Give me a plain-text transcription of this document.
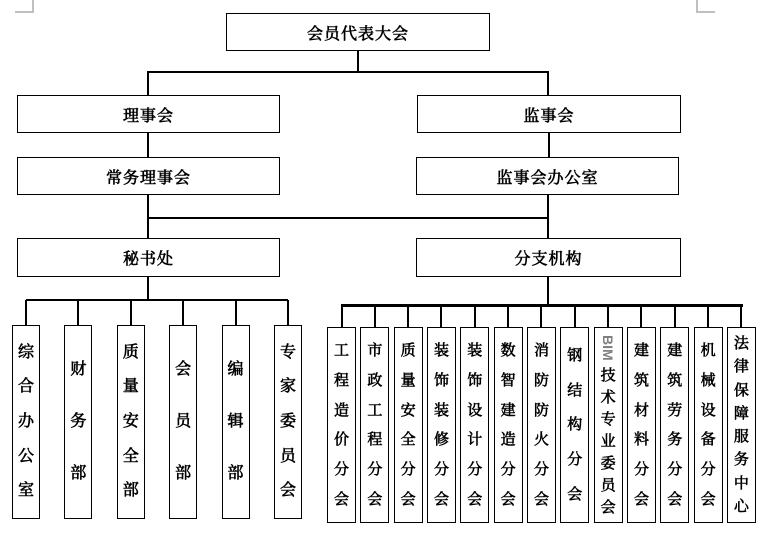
会员代表大会
理事会	监事会
常务理事会	监事会办公室
秘书处	分支机构
综
合
办
公
室
财
务
部
质
量
安
全
部
会
员
部
编
辑
部
专
家
委
员
会
工
程
造
价
分
会
市
政
工
程
分
会
质
量
安
全
分
会
装
饰
装
修
分
会
装
饰
设
计
分
会
数
智
建
造
分
会
消
防
防
火
分
会
钢
结
构
分
会
BIM
技
术
专
业
委
员
会
建
筑
材
料
分
会
建
筑
劳
务
分
会
机
械
设
备
分
会
法
律
保
障
服
务
中
心
